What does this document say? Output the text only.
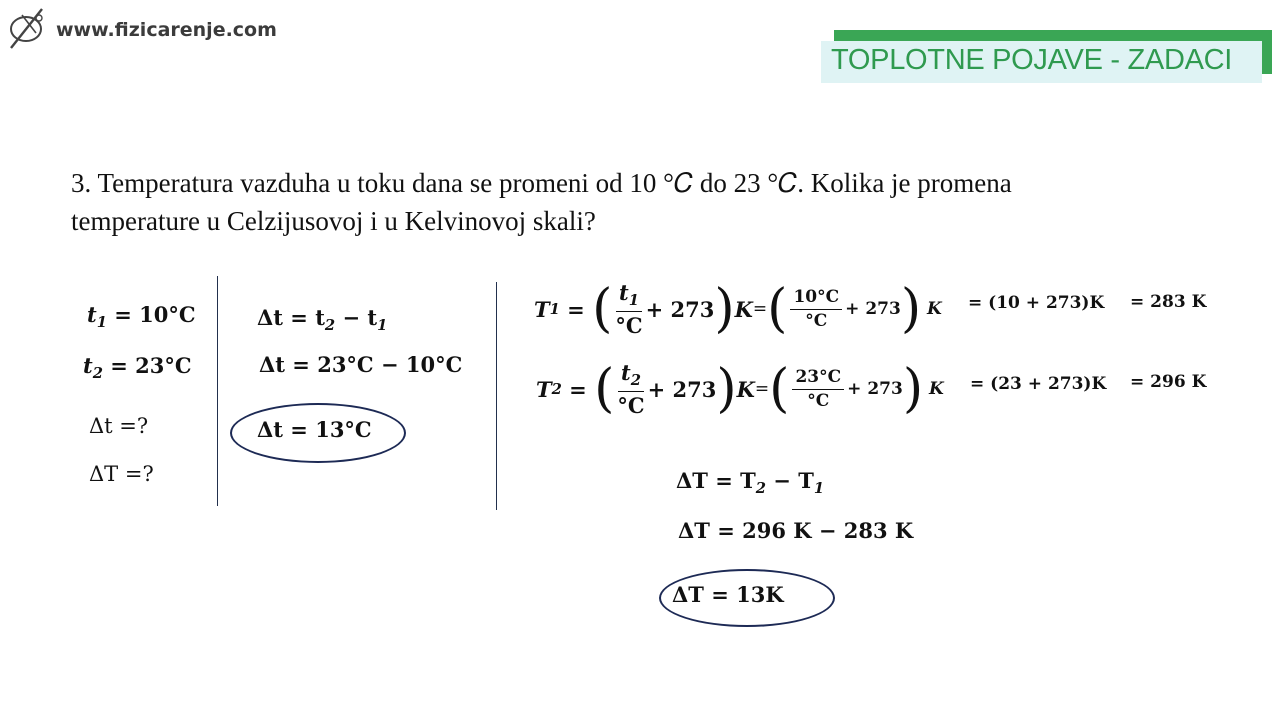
www.fizicarenje.com
TOPLOTNE POJAVE - ZADACI
3. Temperatura vazduha u toku dana se promeni od 10 °𝐶 do 23 °𝐶. Kolika je promena
temperature u Celzijusovoj i u Kelvinovoj skali?
$t_1 = 10^\circ C$
$t_2 = 23^\circ C$
Δt =?
ΔT =?
$\Delta t = t_2 - t_1$
Δt = 23°C − 10°C
Δt = 13°C
T 1 = ( $\frac{t_1}{^\circ C} + 273$ ) K = ( $\frac{10^\circ C}{^\circ C} + 273$ )
K = (10 + 273)K = 283 K
T 2 = ( $\frac{t_2}{^\circ C} + 273$ ) K = ( $\frac{23^\circ C}{^\circ C} + 273$ )
K = (23 + 273)K = 296 K
$\Delta T = T_2 - T_1$
ΔT = 296 K − 283 K
ΔT = 13K
